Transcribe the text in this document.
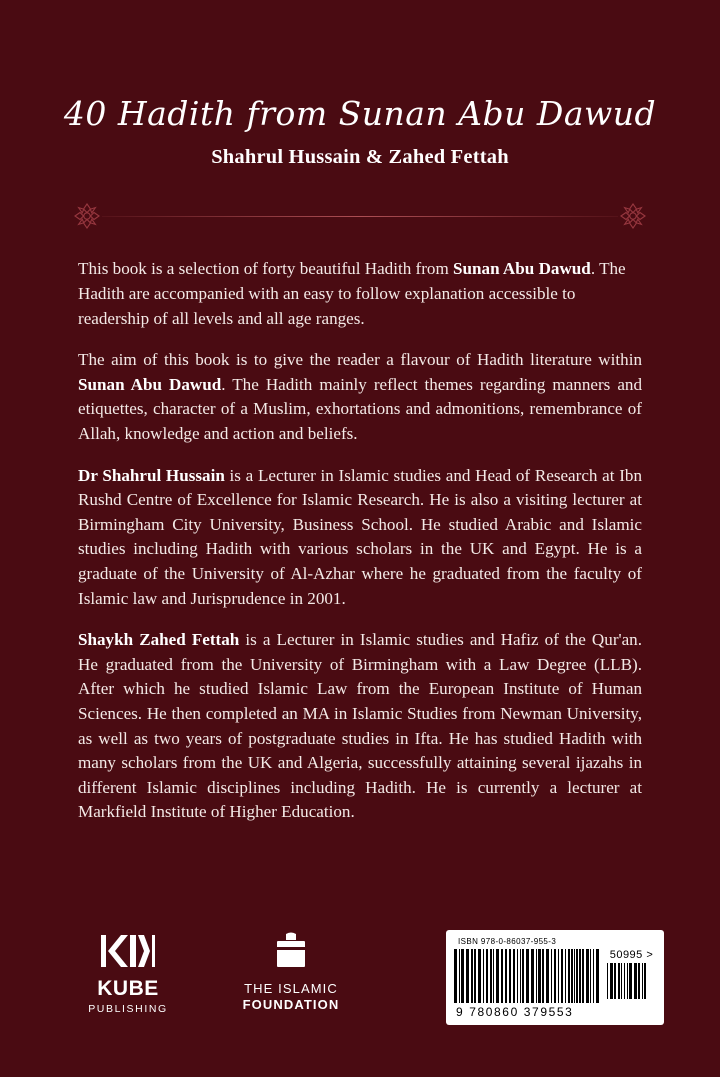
40 Hadith from Sunan Abu Dawud
Shahrul Hussain & Zahed Fettah

This book is a selection of forty beautiful Hadith from Sunan Abu Dawud. The Hadith are accompanied with an easy to follow explanation accessible to readership of all levels and all age ranges.

The aim of this book is to give the reader a flavour of Hadith literature within Sunan Abu Dawud. The Hadith mainly reflect themes regarding manners and etiquettes, character of a Muslim, exhortations and admonitions, remembrance of Allah, knowledge and action and beliefs.

Dr Shahrul Hussain is a Lecturer in Islamic studies and Head of Research at Ibn Rushd Centre of Excellence for Islamic Research. He is also a visiting lecturer at Birmingham City University, Business School. He studied Arabic and Islamic studies including Hadith with various scholars in the UK and Egypt. He is a graduate of the University of Al-Azhar where he graduated from the faculty of Islamic law and Jurisprudence in 2001.

Shaykh Zahed Fettah is a Lecturer in Islamic studies and Hafiz of the Qur'an. He graduated from the University of Birmingham with a Law Degree (LLB). After which he studied Islamic Law from the European Institute of Human Sciences. He then completed an MA in Islamic Studies from Newman University, as well as two years of postgraduate studies in Ifta. He has studied Hadith with many scholars from the UK and Algeria, successfully attaining several ijazahs in different Islamic disciplines including Hadith. He is currently a lecturer at Markfield Institute of Higher Education.

KUBE
PUBLISHING
THE ISLAMIC
FOUNDATION
ISBN 978-0-86037-955-3
9 780860 379553
50995 >
